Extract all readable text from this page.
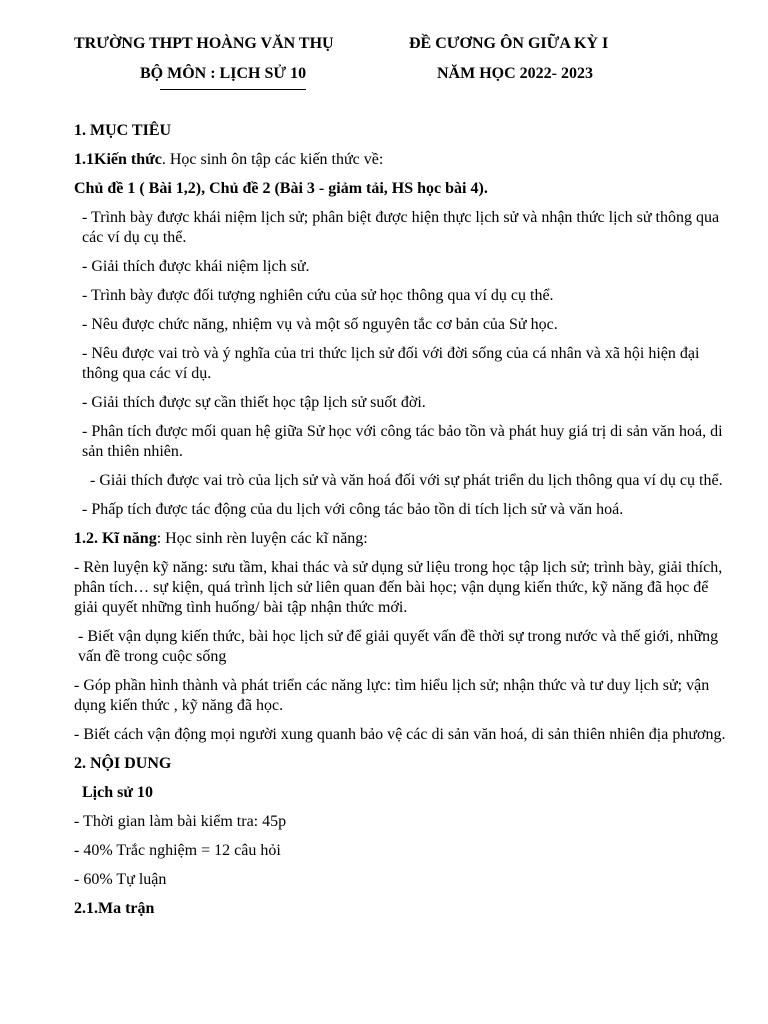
TRƯỜNG THPT HOÀNG VĂN THỤ
BỘ MÔN : LỊCH SỬ 10
ĐỀ CƯƠNG ÔN GIỮA KỲ I
NĂM HỌC 2022- 2023

1. MỤC TIÊU

1.1Kiến thức. Học sinh ôn tập các kiến thức về:

Chủ đề 1 ( Bài 1,2), Chủ đề 2 (Bài 3 - giảm tải, HS học bài 4).

- Trình bày được khái niệm lịch sử; phân biệt được hiện thực lịch sử và nhận thức lịch sử thông qua các ví dụ cụ thể.

- Giải thích được khái niệm lịch sử.

- Trình bày được đối tượng nghiên cứu của sử học thông qua ví dụ cụ thể.

- Nêu được chức năng, nhiệm vụ và một số nguyên tắc cơ bản của Sử học.

- Nêu được vai trò và ý nghĩa của tri thức lịch sử đối với đời sống của cá nhân và xã hội hiện đại thông qua các ví dụ.

- Giải thích được sự cần thiết học tập lịch sử suốt đời.

- Phân tích được mối quan hệ giữa Sử học với công tác bảo tồn và phát huy giá trị di sản văn hoá, di sản thiên nhiên.

- Giải thích được vai trò của lịch sử và văn hoá đối với sự phát triển du lịch thông qua ví dụ cụ thể.

- Phấp tích được tác động của du lịch với công tác bảo tồn di tích lịch sử và văn hoá.

1.2. Kĩ năng: Học sinh rèn luyện các kĩ năng:

- Rèn luyện kỹ năng: sưu tầm, khai thác và sử dụng sử liệu trong học tập lịch sử; trình bày, giải thích, phân tích… sự kiện, quá trình lịch sử liên quan đến bài học; vận dụng kiến thức, kỹ năng đã học để giải quyết những tình huống/ bài tập nhận thức mới.

- Biết vận dụng kiến thức, bài học lịch sử để giải quyết vấn đề thời sự trong nước và thế giới, những vấn đề trong cuộc sống

- Góp phần hình thành và phát triển các năng lực: tìm hiểu lịch sử; nhận thức và tư duy lịch sử; vận dụng kiến thức , kỹ năng đã học.

- Biết cách vận động mọi người xung quanh bảo vệ các di sản văn hoá, di sản thiên nhiên địa phương.

2. NỘI DUNG

Lịch sử 10

- Thời gian làm bài kiểm tra: 45p

- 40% Trắc nghiệm = 12 câu hỏi

- 60% Tự luận

2.1.Ma trận
